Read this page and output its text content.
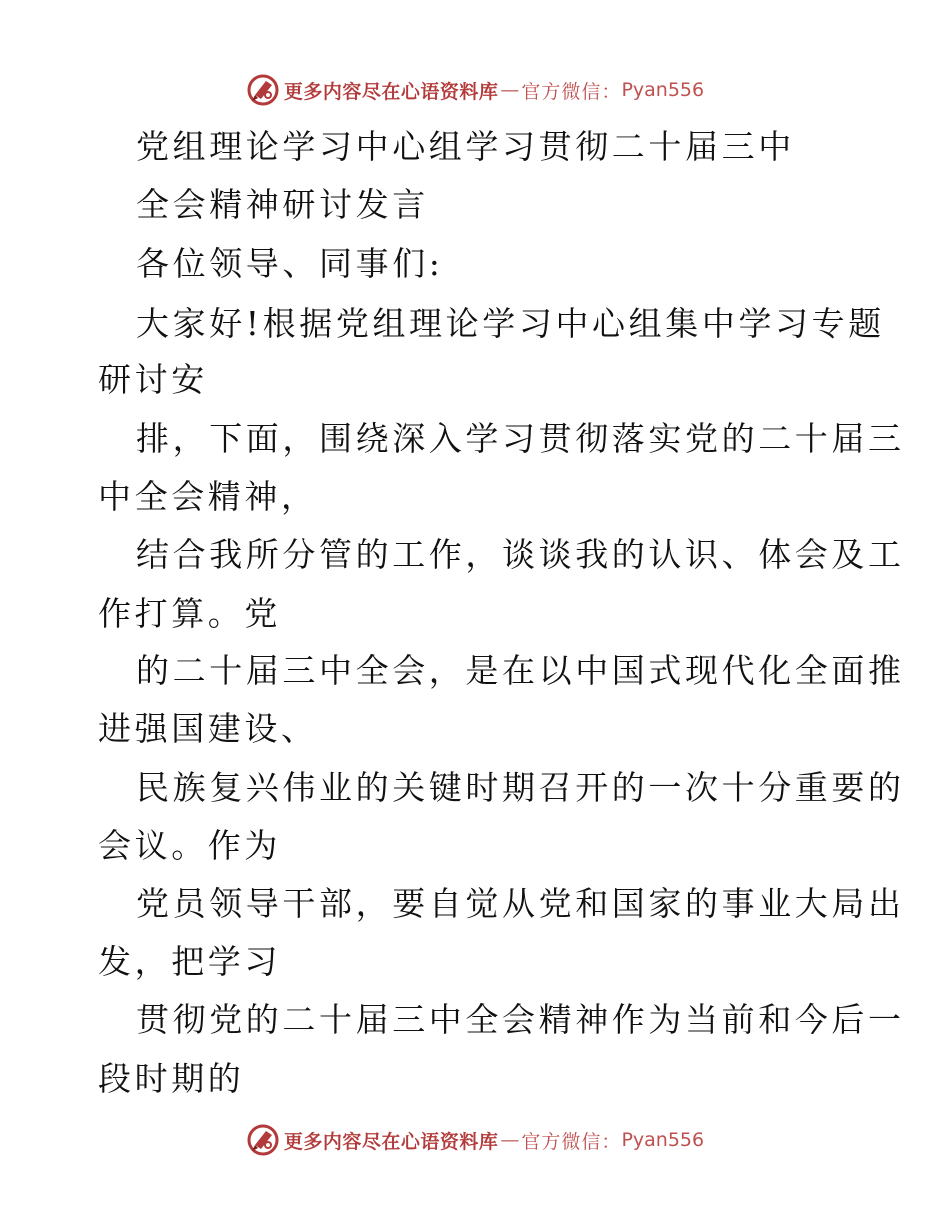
更多内容尽在心语资料库 — 官方微信： Pyan556
党组理论学习中心组学习贯彻二十届三中
全会精神研讨发言
各位领导、同事们:
大家好!根据党组理论学习中心组集中学习专题
研讨安
排，下面，围绕深入学习贯彻落实党的二十届三
中全会精神，
结合我所分管的工作，谈谈我的认识、体会及工
作打算。党
的二十届三中全会，是在以中国式现代化全面推
进强国建设、
民族复兴伟业的关键时期召开的一次十分重要的
会议。作为
党员领导干部，要自觉从党和国家的事业大局出
发，把学习
贯彻党的二十届三中全会精神作为当前和今后一
段时期的
更多内容尽在心语资料库 — 官方微信： Pyan556
